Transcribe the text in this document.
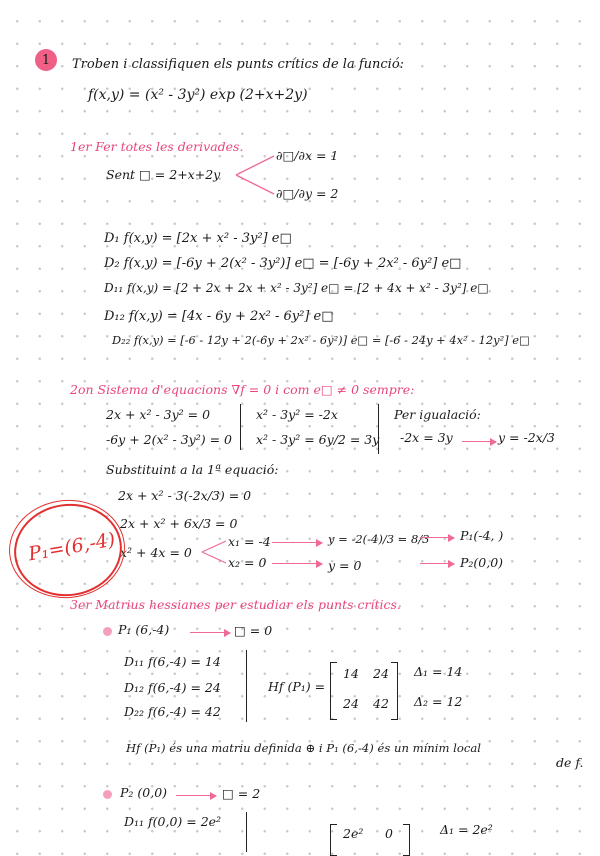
1 Troben i classifiquen els punts crítics de la funció:
f(x,y) = (x² - 3y²) exp (2+x+2y)
1er Fer totes les derivades.
Sent □ = 2+x+2y
∂□/∂x = 1
∂□/∂y = 2
D₁ f(x,y) = [2x + x² - 3y²] e□
D₂ f(x,y) = [-6y + 2(x² - 3y²)] e□ = [-6y + 2x² - 6y²] e□
D₁₁ f(x,y) = [2 + 2x + 2x + x² - 3y²] e□ = [2 + 4x + x² - 3y²] e□
D₁₂ f(x,y) = [4x - 6y + 2x² - 6y²] e□
D₂₂ f(x,y) = [-6 - 12y + 2(-6y + 2x² - 6y²)] e□ = [-6 - 24y + 4x² - 12y²] e□
2on Sistema d'equacions ∇f = 0 i com e□ ≠ 0 sempre:
2x + x² - 3y² = 0
-6y + 2(x² - 3y²) = 0
x² - 3y² = -2x
x² - 3y² = 6y/2 = 3y
Per igualació:
-2x = 3y	y = -2x/3
Substituint a la 1ª equació:
2x + x² - 3(-2x/3) = 0
2x + x² + 6x/3 = 0
x² + 4x = 0
x₁ = -4
x₂ = 0
y = -2(-4)/3 = 8/3
y = 0
P₁(-4, )
P₂(0,0)
P₁=(6,-4)
3er Matrius hessianes per estudiar els punts crítics.
P₁ (6,-4)	□ = 0
D₁₁ f(6,-4) = 14
D₁₂ f(6,-4) = 24
D₂₂ f(6,-4) = 42
Hf (P₁) =
14 24
24 42
Δ₁ = 14
Δ₂ = 12
Hf (P₁) és una matriu definida ⊕ i P₁ (6,-4) és un mínim local
de f.
P₂ (0,0)	□ = 2
D₁₁ f(0,0) = 2e²
2e² 0	Δ₁ = 2e²
